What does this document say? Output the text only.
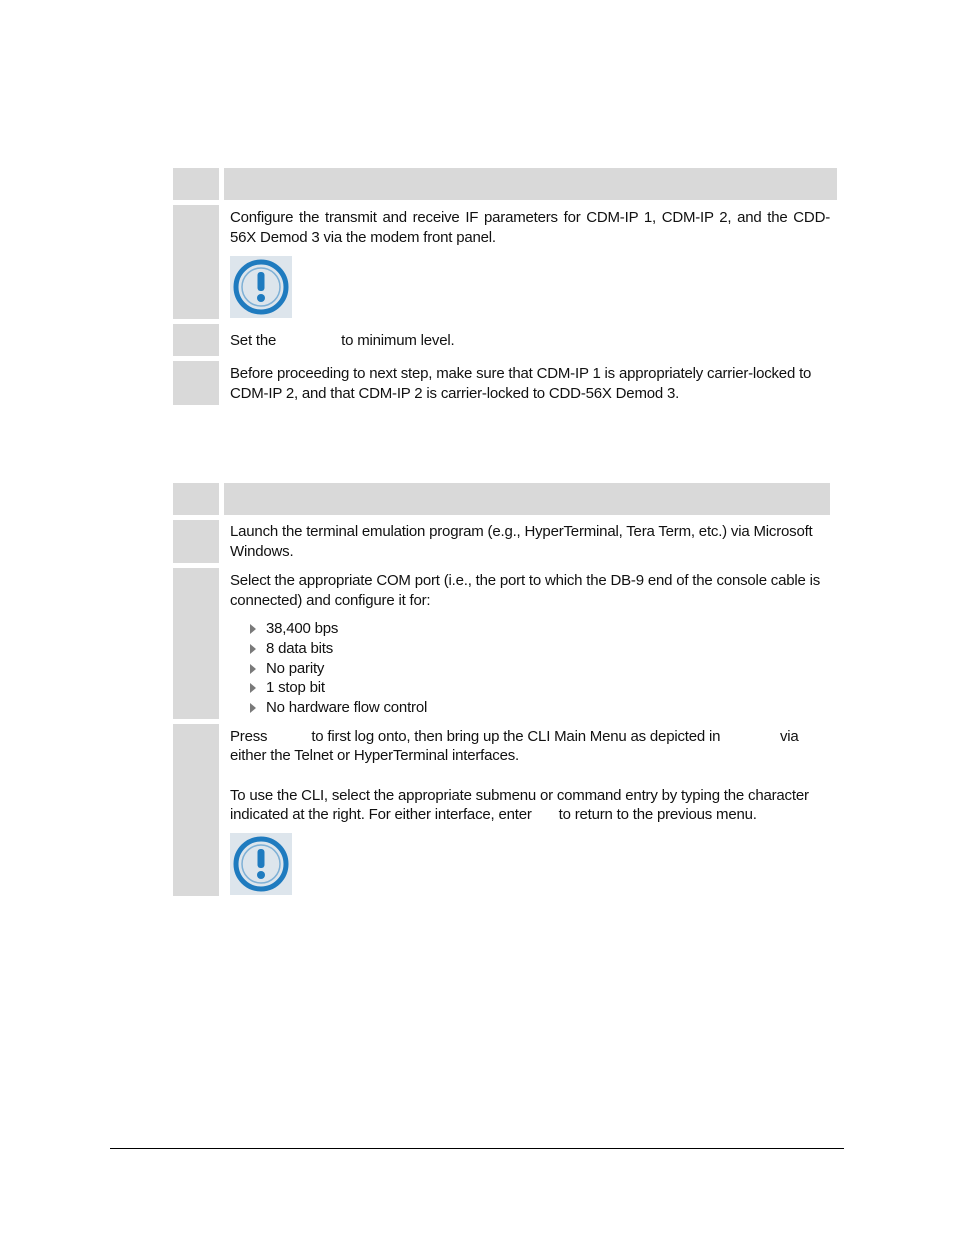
Configure the transmit and receive IF parameters for CDM-IP 1, CDM-IP 2, and the CDD-56X Demod 3 via the modem front panel.
Set the	to minimum level.
Before proceeding to next step, make sure that CDM-IP 1 is appropriately carrier-locked to
CDM-IP 2, and that CDM-IP 2 is carrier-locked to CDD-56X Demod 3.
Launch the terminal emulation program (e.g., HyperTerminal, Tera Term, etc.) via Microsoft
Windows.
Select the appropriate COM port (i.e., the port to which the DB-9 end of the console cable is
connected) and configure it for:
38,400 bps
8 data bits
No parity
1 stop bit
No hardware flow control
Press	to first log onto, then bring up the CLI Main Menu as depicted in	via
either the Telnet or HyperTerminal interfaces.
To use the CLI, select the appropriate submenu or command entry by typing the character
indicated at the right. For either interface, enter to return to the previous menu.
